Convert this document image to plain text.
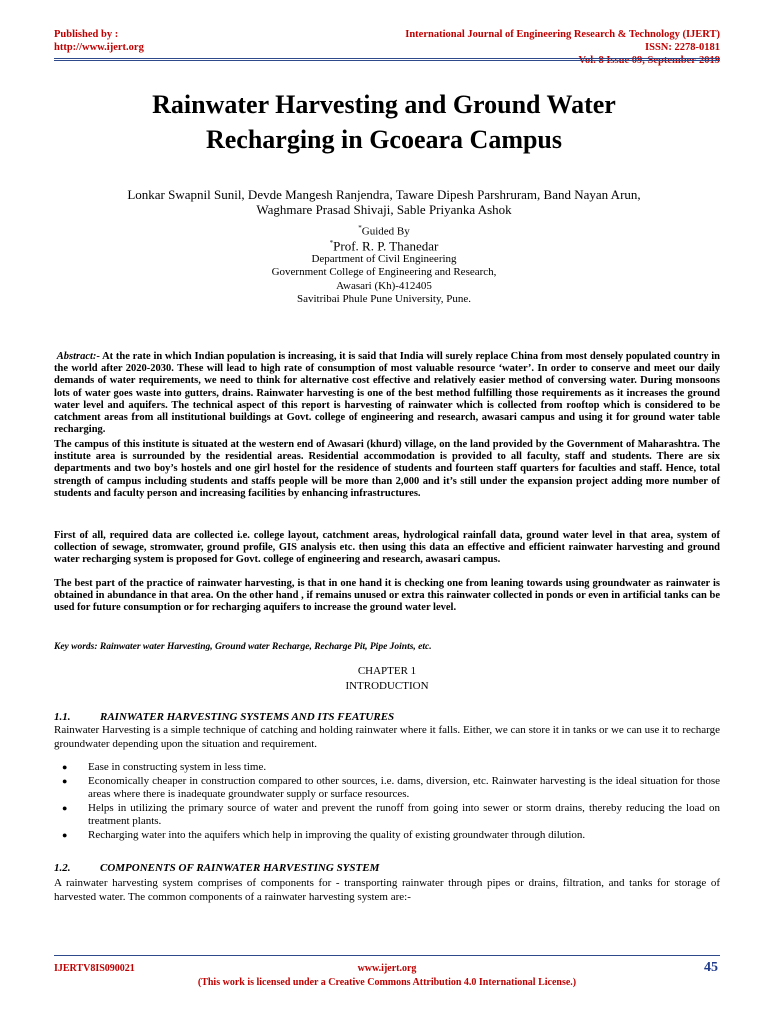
Published by :
http://www.ijert.org
International Journal of Engineering Research & Technology (IJERT)
ISSN: 2278-0181
Vol. 8 Issue 09, September-2019
Rainwater Harvesting and Ground Water
Recharging in Gcoeara Campus
Lonkar Swapnil Sunil, Devde Mangesh Ranjendra, Taware Dipesh Parshruram, Band Nayan Arun,
Waghmare Prasad Shivaji, Sable Priyanka Ashok
*Guided By
*Prof. R. P. Thanedar
Department of Civil Engineering
Government College of Engineering and Research,
Awasari (Kh)-412405
Savitribai Phule Pune University, Pune.
Abstract:- At the rate in which Indian population is increasing, it is said that India will surely replace China from most densely populated country in the world after 2020-2030. These will lead to high rate of consumption of most valuable resource ‘water’. In order to conserve and meet our daily demands of water requirements, we need to think for alternative cost effective and relatively easier method of conversing water. During monsoons lots of water goes waste into gutters, drains. Rainwater harvesting is one of the best method fulfilling those requirements as it increases the ground water level and aquifers. The technical aspect of this report is harvesting of rainwater which is collected from rooftop which is considered to be catchment areas from all institutional buildings at Govt. college of engineering and research, awasari campus and using it for ground water table recharging.
The campus of this institute is situated at the western end of Awasari (khurd) village, on the land provided by the Government of Maharashtra. The institute area is surrounded by the residential areas. Residential accommodation is provided to all faculty, staff and students. There are six departments and two boy’s hostels and one girl hostel for the residence of students and fourteen staff quarters for faculties and staff. Hence, total strength of campus including students and staffs people will be more than 2,000 and it’s still under the expansion project adding more number of students and faculty person and increasing facilities by enhancing infrastructures.
First of all, required data are collected i.e. college layout, catchment areas, hydrological rainfall data, ground water level in that area, system of collection of sewage, stromwater, ground profile, GIS analysis etc. then using this data an effective and efficient rainwater harvesting and ground water recharging system is proposed for Govt. college of engineering and research, awasari campus.
The best part of the practice of rainwater harvesting, is that in one hand it is checking one from leaning towards using groundwater as rainwater is obtained in abundance in that area. On the other hand , if remains unused or extra this rainwater collected in ponds or even in artificial tanks can be used for future consumption or for recharging aquifers to increase the ground water level.
Key words: Rainwater water Harvesting, Ground water Recharge, Recharge Pit, Pipe Joints, etc.
CHAPTER 1
INTRODUCTION
1.1.	RAINWATER HARVESTING SYSTEMS AND ITS FEATURES
Rainwater Harvesting is a simple technique of catching and holding rainwater where it falls. Either, we can store it in tanks or we can use it to recharge groundwater depending upon the situation and requirement.
●	Ease in constructing system in less time.
●	Economically cheaper in construction compared to other sources, i.e. dams, diversion, etc. Rainwater harvesting is the ideal situation for those areas where there is inadequate groundwater supply or surface resources.
●	Helps in utilizing the primary source of water and prevent the runoff from going into sewer or storm drains, thereby reducing the load on treatment plants.
●	Recharging water into the aquifers which help in improving the quality of existing groundwater through dilution.
1.2.	COMPONENTS OF RAINWATER HARVESTING SYSTEM
A rainwater harvesting system comprises of components for - transporting rainwater through pipes or drains, filtration, and tanks for storage of harvested water. The common components of a rainwater harvesting system are:-
IJERTV8IS090021	www.ijert.org
(This work is licensed under a Creative Commons Attribution 4.0 International License.)
45
